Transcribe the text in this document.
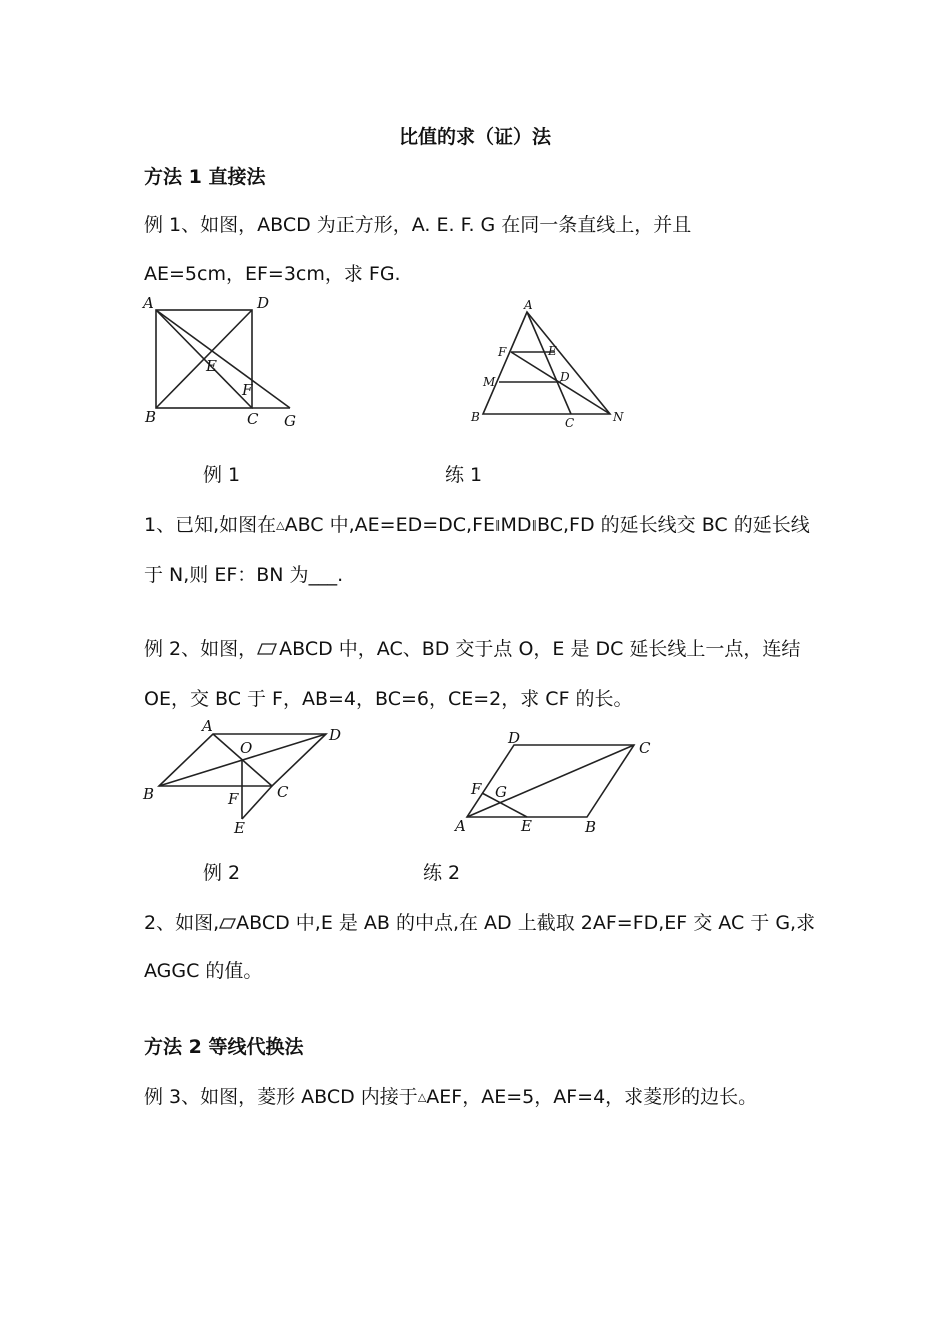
比值的求（证）法
方法 1 直接法
例 1、如图，ABCD 为正方形，A. E. F. G 在同一条直线上，并且
AE=5cm，EF=3cm，求 FG.
A	D
E
F
B	C G
A
F	E
M	D
B	C	N
例 1	练 1
1、已知,如图在△ABC 中,AE=ED=DC,FE∥MD∥BC,FD 的延长线交 BC 的延长线
于 N,则 EF：BN 为___.
例 2、如图， ABCD 中，AC、BD 交于点 O，E 是 DC 延长线上一点，连结
OE，交 BC 于 F，AB=4，BC=6，CE=2，求 CF 的长。
A
O
D
B	F	C
E
D
C
F G
A	E	B
例 2	练 2
2、如图, ABCD 中,E 是 AB 的中点,在 AD 上截取 2AF=FD,EF 交 AC 于 G,求
AGGC 的值。
方法 2 等线代换法
例 3、如图，菱形 ABCD 内接于△AEF，AE=5，AF=4，求菱形的边长。
